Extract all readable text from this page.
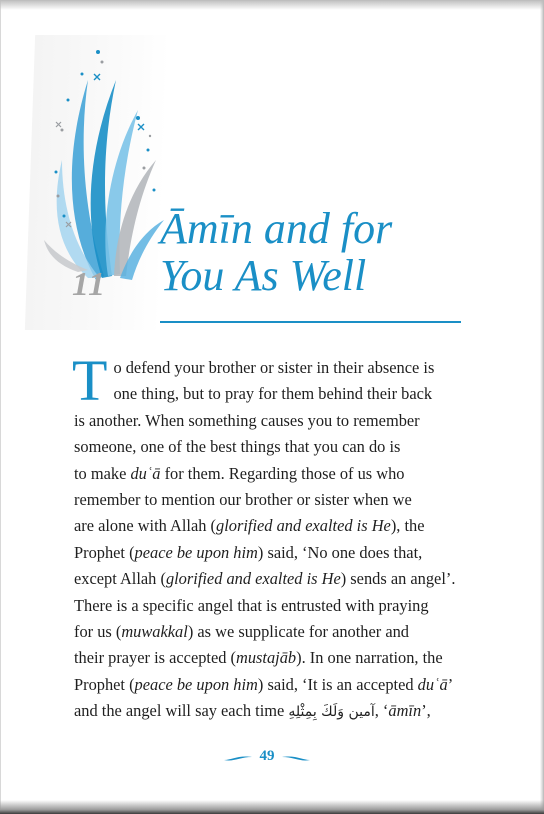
11
Āmīn and for
You As Well
T o defend your brother or sister in their absence is
one thing, but to pray for them behind their back
is another. When something causes you to remember
someone, one of the best things that you can do is
to make duʿā for them. Regarding those of us who
remember to mention our brother or sister when we
are alone with Allah (glorified and exalted is He), the
Prophet (peace be upon him) said, ‘No one does that,
except Allah (glorified and exalted is He) sends an angel’.
There is a specific angel that is entrusted with praying
for us (muwakkal) as we supplicate for another and
their prayer is accepted (mustajāb). In one narration, the
Prophet (peace be upon him) said, ‘It is an accepted duʿā’
and the angel will say each time آمين وَلَكَ بِمِثْلِهِ, ‘āmīn’,
49
